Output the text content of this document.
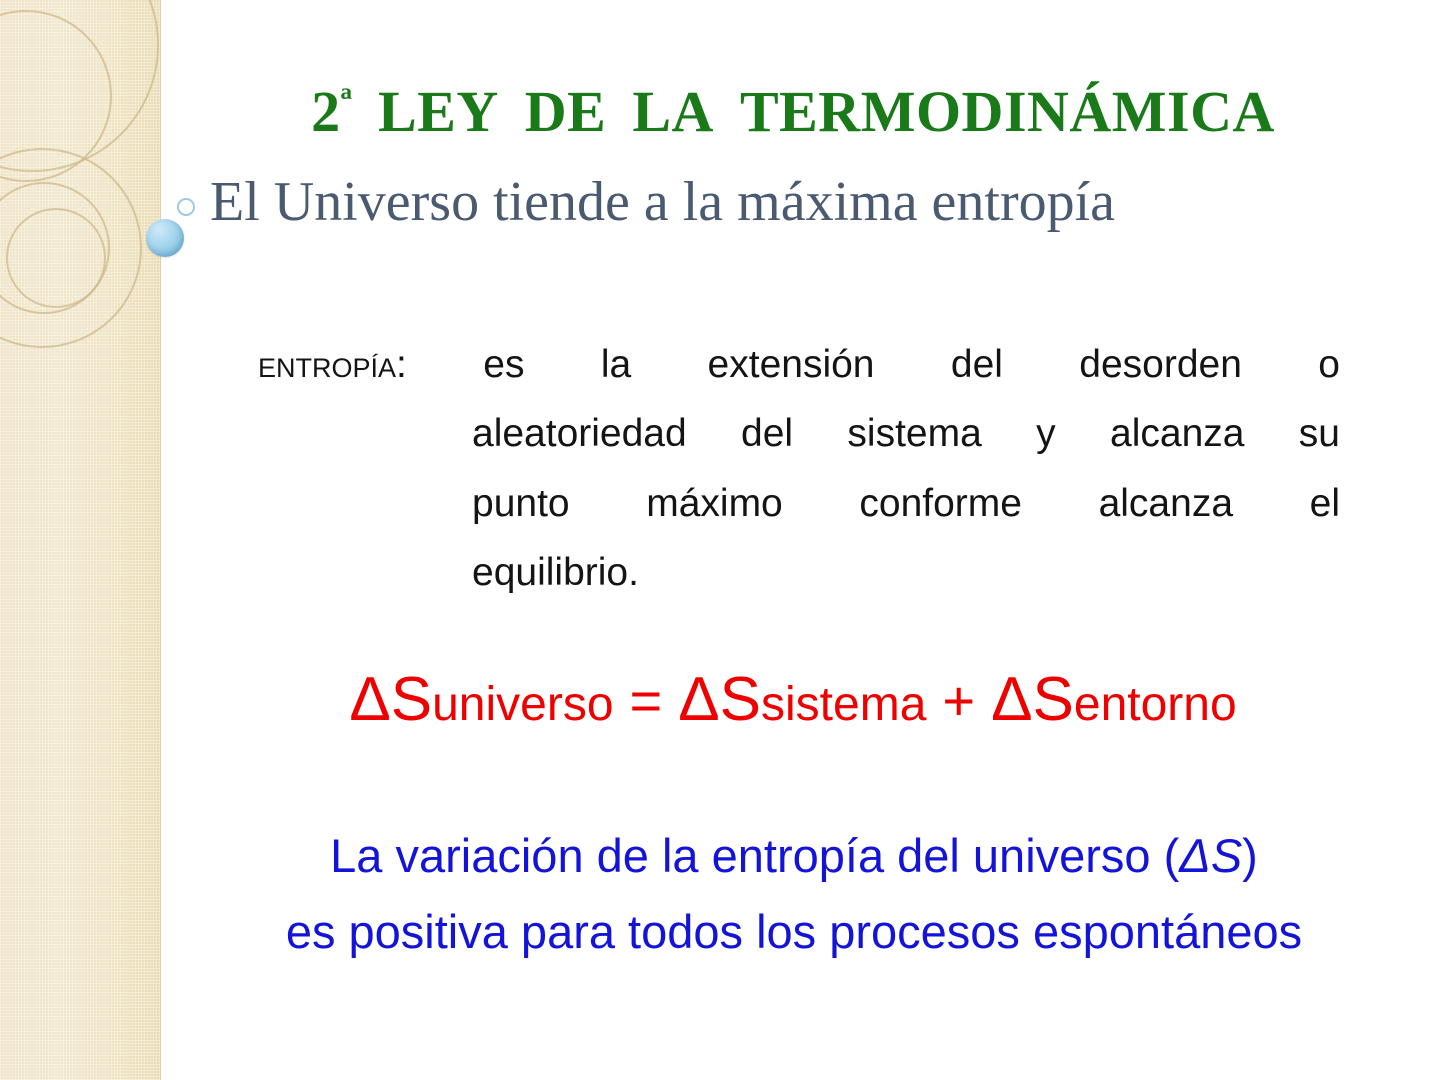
$2^ª$ LEY DE LA TERMODINÁMICA
El Universo tiende a la máxima entropía
entropía: es la extensión del desorden o
aleatoriedad del sistema y alcanza su
punto máximo conforme alcanza el
equilibrio.
ΔSuniverso = ΔSsistema + ΔSentorno
La variación de la entropía del universo (ΔS)
es positiva para todos los procesos espontáneos
